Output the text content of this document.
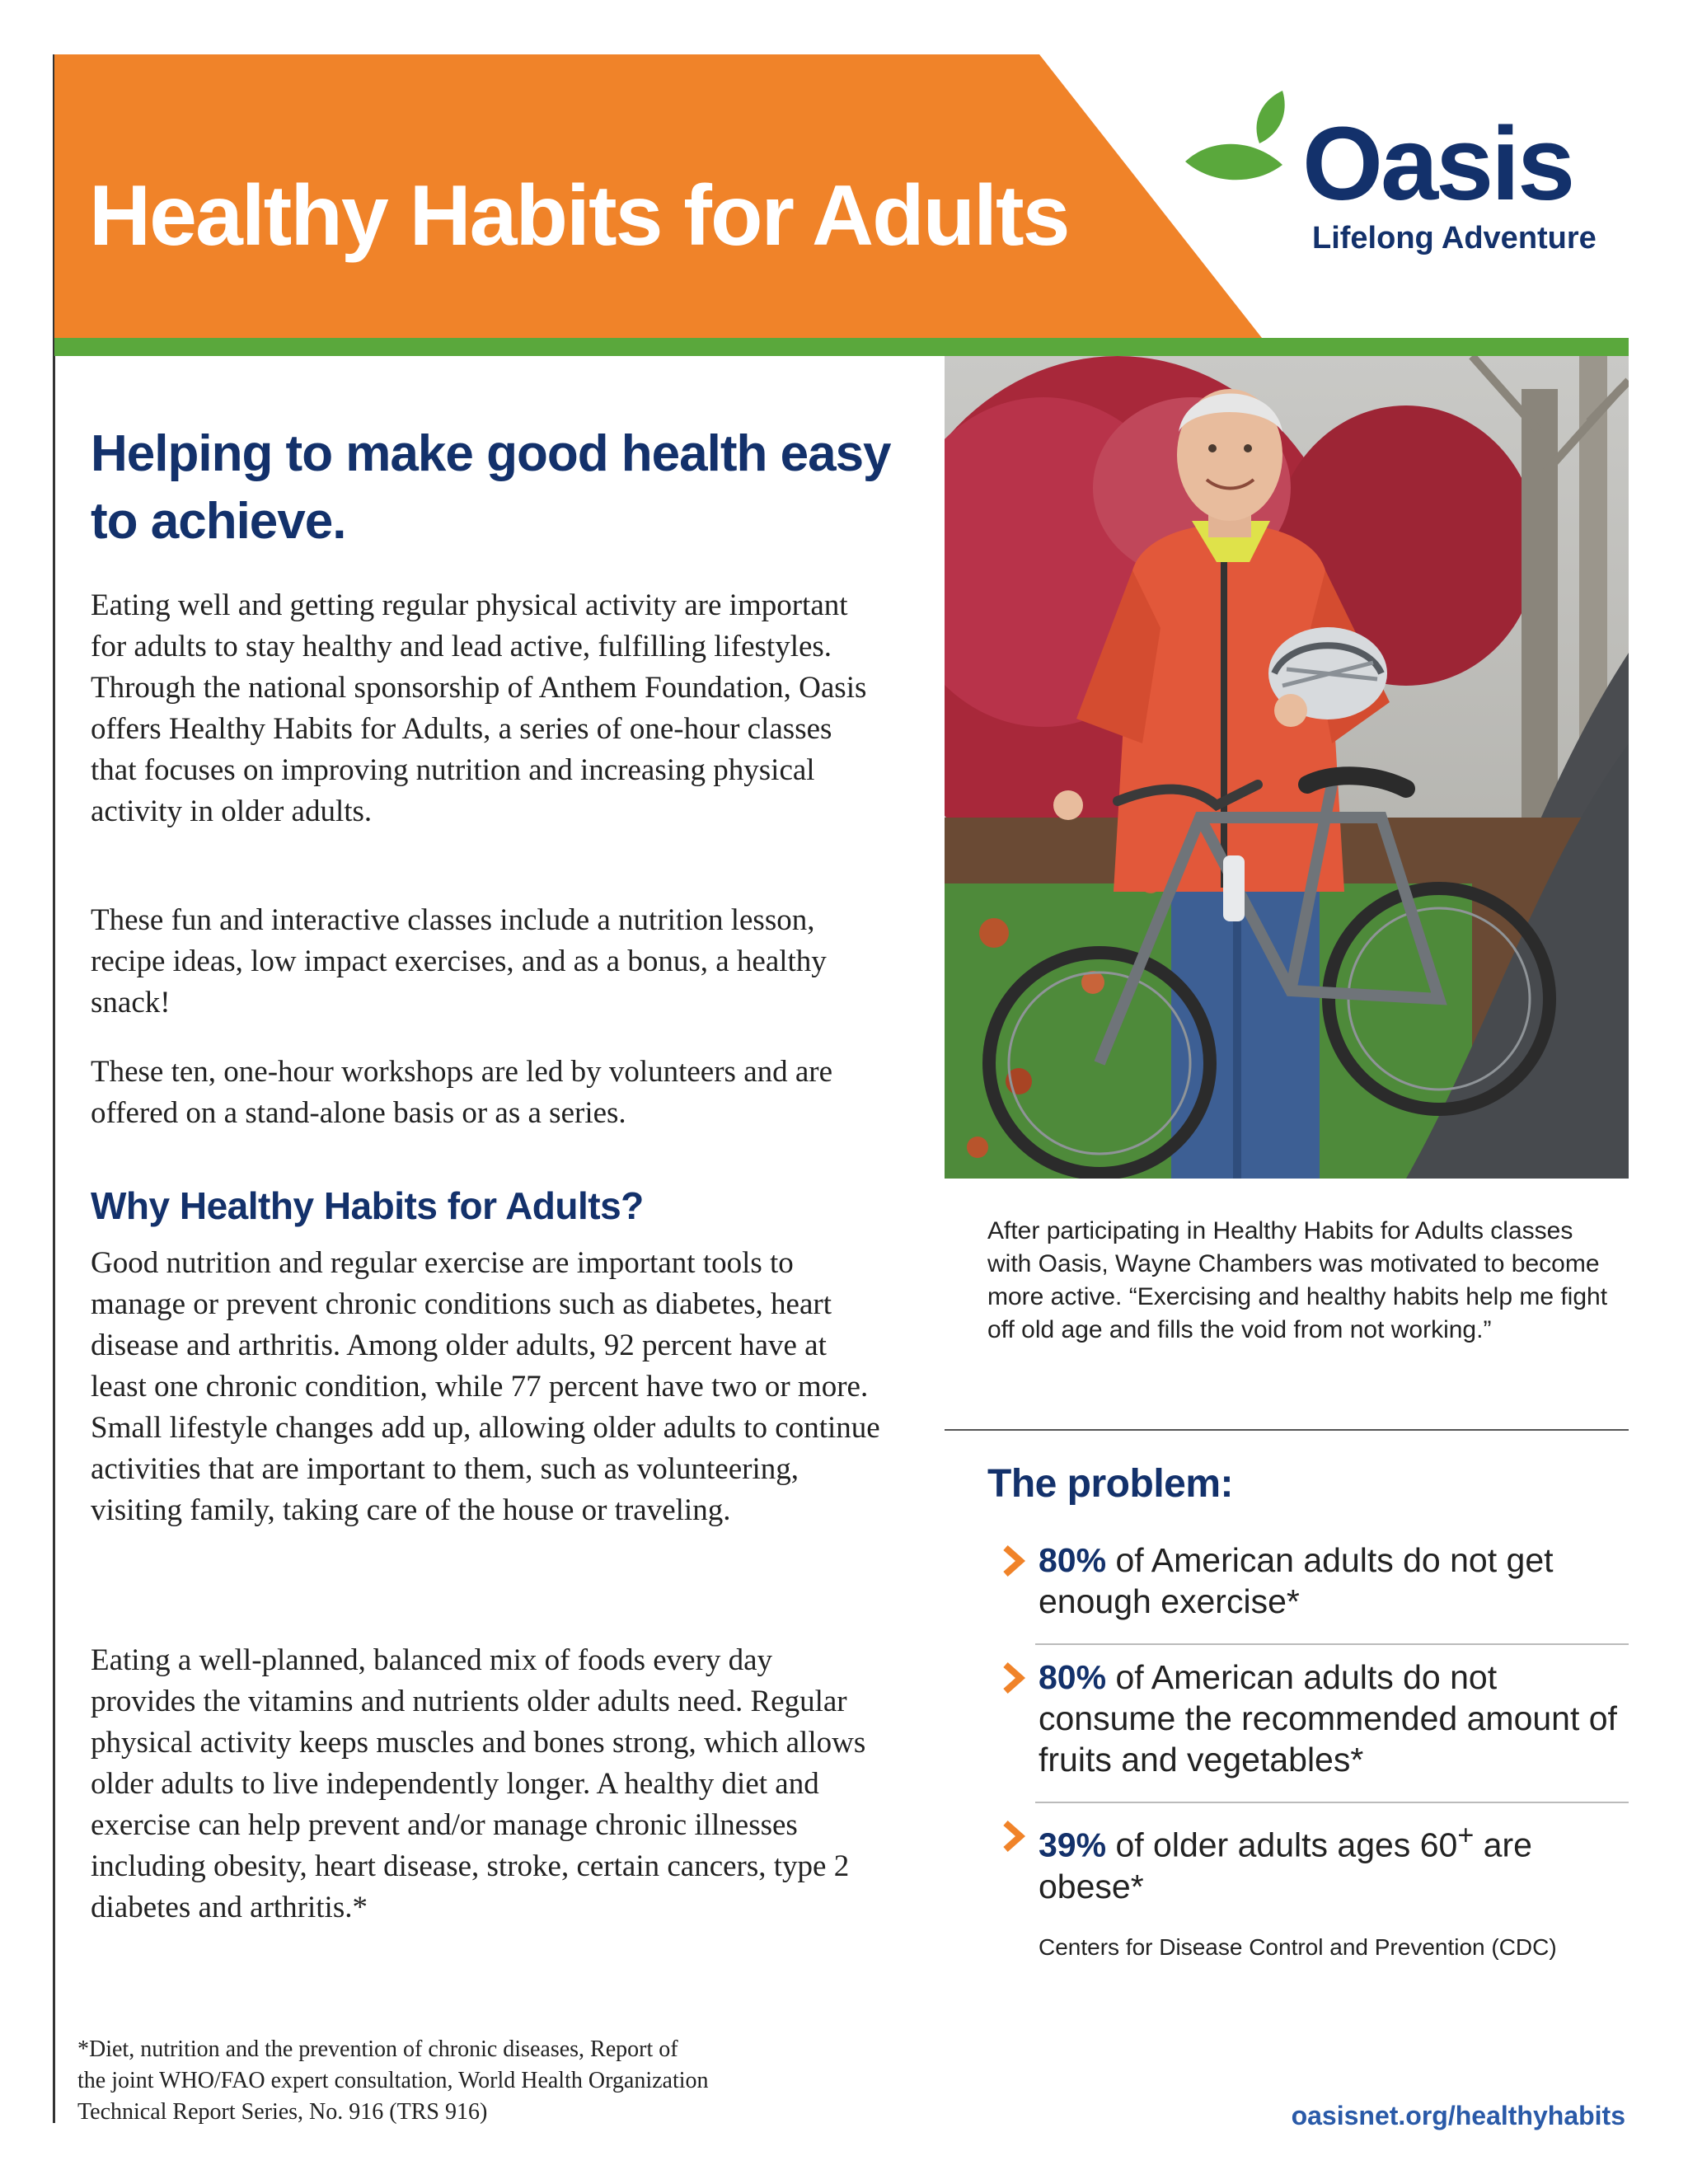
Healthy Habits for Adults Oasis
Lifelong Adventure
Helping to make good health easy to achieve.

Eating well and getting regular physical activity are important for adults to stay healthy and lead active, fulfilling lifestyles. Through the national sponsorship of Anthem Foundation, Oasis offers Healthy Habits for Adults, a series of one-hour classes that focuses on improving nutrition and increasing physical activity in older adults.

These fun and interactive classes include a nutrition lesson, recipe ideas, low impact exercises, and as a bonus, a healthy snack!

These ten, one-hour workshops are led by volunteers and are offered on a stand-alone basis or as a series.

Why Healthy Habits for Adults?

Good nutrition and regular exercise are important tools to manage or prevent chronic conditions such as diabetes, heart disease and arthritis. Among older adults, 92 percent have at least one chronic condition, while 77 percent have two or more. Small lifestyle changes add up, allowing older adults to continue activities that are important to them, such as volunteering, visiting family, taking care of the house or traveling.

Eating a well-planned, balanced mix of foods every day provides the vitamins and nutrients older adults need. Regular physical activity keeps muscles and bones strong, which allows older adults to live independently longer. A healthy diet and exercise can help prevent and/or manage chronic illnesses including obesity, heart disease, stroke, certain cancers, type 2 diabetes and arthritis.*

*Diet, nutrition and the prevention of chronic diseases, Report of
the joint WHO/FAO expert consultation, World Health Organization
Technical Report Series, No. 916 (TRS 916)

After participating in Healthy Habits for Adults classes with Oasis, Wayne Chambers was motivated to become more active. “Exercising and healthy habits help me fight off old age and fills the void from not working.”

The problem:

80% of American adults do not get enough exercise*

80% of American adults do not consume the recommended amount of fruits and vegetables*

39% of older adults ages 60+ are obese*

Centers for Disease Control and Prevention (CDC)

oasisnet.org/healthyhabits
